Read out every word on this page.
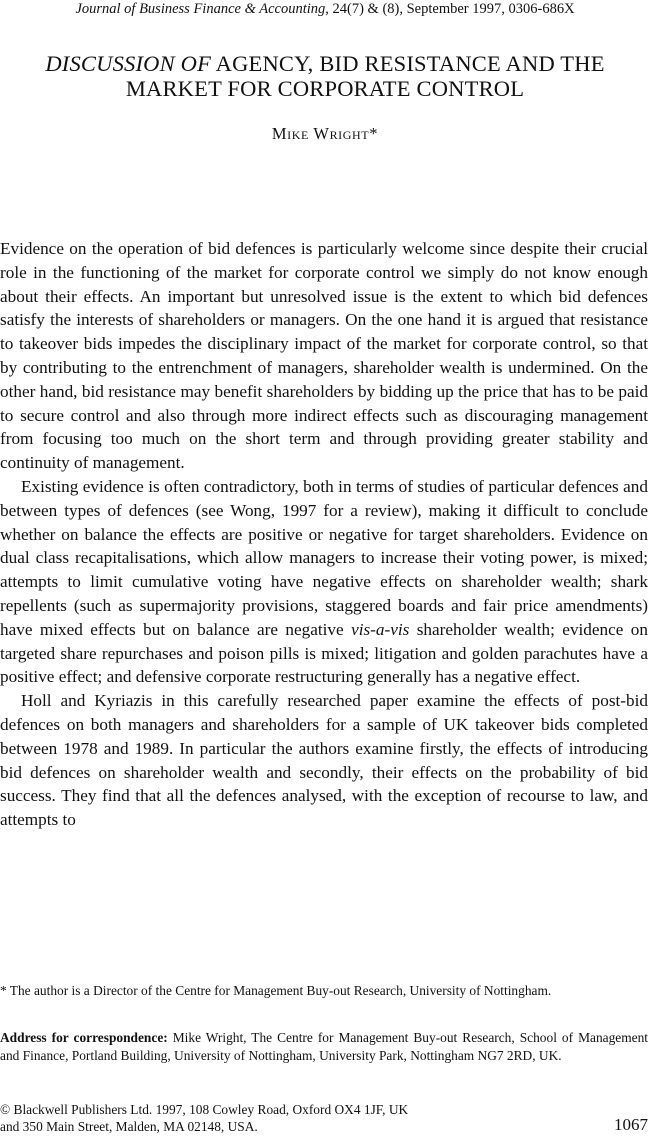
Journal of Business Finance & Accounting, 24(7) & (8), September 1997, 0306-686X
DISCUSSION OF AGENCY, BID RESISTANCE AND THE MARKET FOR CORPORATE CONTROL
Mike Wright*

Evidence on the operation of bid defences is particularly welcome since despite their crucial role in the functioning of the market for corporate control we simply do not know enough about their effects. An important but unresolved issue is the extent to which bid defences satisfy the interests of shareholders or managers. On the one hand it is argued that resistance to takeover bids impedes the disciplinary impact of the market for corporate control, so that by contributing to the entrenchment of managers, shareholder wealth is undermined. On the other hand, bid resistance may benefit shareholders by bidding up the price that has to be paid to secure control and also through more indirect effects such as discouraging management from focusing too much on the short term and through providing greater stability and continuity of management.

Existing evidence is often contradictory, both in terms of studies of particular defences and between types of defences (see Wong, 1997 for a review), making it difficult to conclude whether on balance the effects are positive or negative for target shareholders. Evidence on dual class recapitalisations, which allow managers to increase their voting power, is mixed; attempts to limit cumulative voting have negative effects on shareholder wealth; shark repellents (such as supermajority provisions, staggered boards and fair price amendments) have mixed effects but on balance are negative vis-a-vis shareholder wealth; evidence on targeted share repurchases and poison pills is mixed; litigation and golden parachutes have a positive effect; and defensive corporate restructuring generally has a negative effect.

Holl and Kyriazis in this carefully researched paper examine the effects of post-bid defences on both managers and shareholders for a sample of UK takeover bids completed between 1978 and 1989. In particular the authors examine firstly, the effects of introducing bid defences on shareholder wealth and secondly, their effects on the probability of bid success. They find that all the defences analysed, with the exception of recourse to law, and attempts to

* The author is a Director of the Centre for Management Buy-out Research, University of Nottingham.
Address for correspondence: Mike Wright, The Centre for Management Buy-out Research, School of Management and Finance, Portland Building, University of Nottingham, University Park, Nottingham NG7 2RD, UK.
© Blackwell Publishers Ltd. 1997, 108 Cowley Road, Oxford OX4 1JF, UK
and 350 Main Street, Malden, MA 02148, USA.	1067
